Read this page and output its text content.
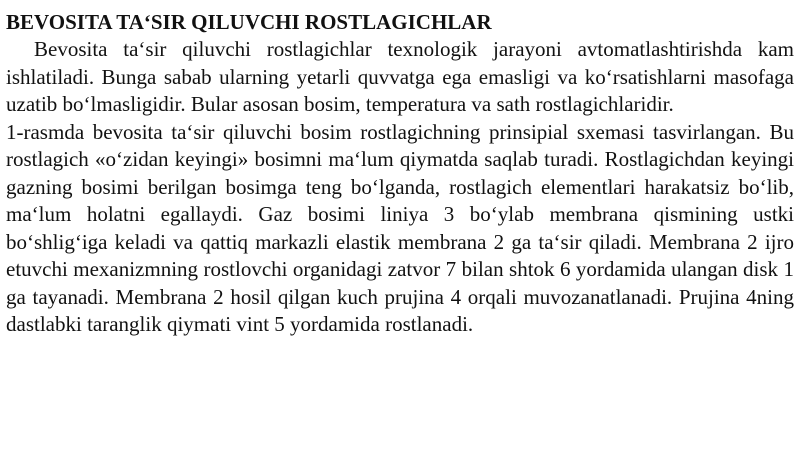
BEVOSITA TA‘SIR QILUVCHI ROSTLAGICHLAR

Bevosita ta‘sir qiluvchi rostlagichlar texnologik jarayoni avtomatlashtirishda kam ishlatiladi. Bunga sabab ularning yetarli quvvatga ega emasligi va ko‘rsatishlarni masofaga uzatib bo‘lmasligidir. Bular asosan bosim, temperatura va sath rostlagichlaridir.

1-rasmda bevosita ta‘sir qiluvchi bosim rostlagichning prinsipial sxemasi tasvirlangan. Bu rostlagich «o‘zidan keyingi» bosimni ma‘lum qiymatda saqlab turadi. Rostlagichdan keyingi gazning bosimi berilgan bosimga teng bo‘lganda, rostlagich elementlari harakatsiz bo‘lib, ma‘lum holatni egallaydi. Gaz bosimi liniya 3 bo‘ylab membrana qismining ustki bo‘shlig‘iga keladi va qattiq markazli elastik membrana 2 ga ta‘sir qiladi. Membrana 2 ijro etuvchi mexanizmning rostlovchi organidagi zatvor 7 bilan shtok 6 yordamida ulangan disk 1 ga tayanadi. Membrana 2 hosil qilgan kuch prujina 4 orqali muvozanatlanadi. Prujina 4ning dastlabki taranglik qiymati vint 5 yordamida rostlanadi.
